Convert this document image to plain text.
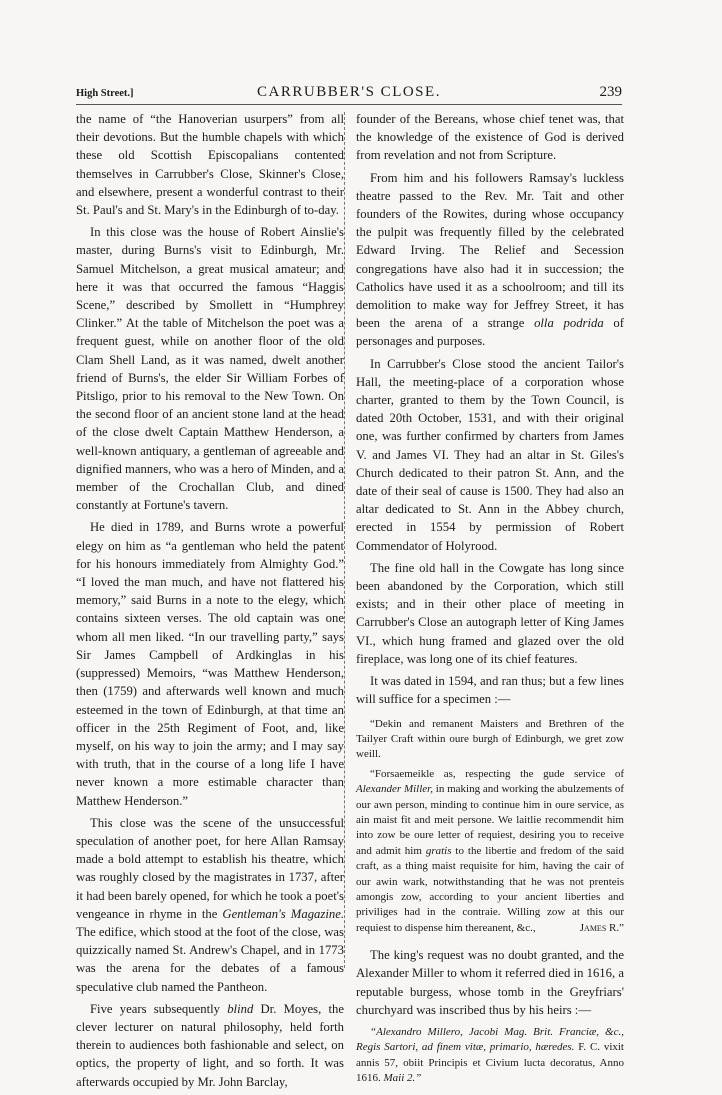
High Street.]	CARRUBBER'S CLOSE.	239

the name of “the Hanoverian usurpers” from all their devotions. But the humble chapels with which these old Scottish Episcopalians contented themselves in Carrubber's Close, Skinner's Close, and elsewhere, present a wonderful contrast to their St. Paul's and St. Mary's in the Edinburgh of to-day.

In this close was the house of Robert Ainslie's master, during Burns's visit to Edinburgh, Mr. Samuel Mitchelson, a great musical amateur; and here it was that occurred the famous “Haggis Scene,” described by Smollett in “Humphrey Clinker.” At the table of Mitchelson the poet was a frequent guest, while on another floor of the old Clam Shell Land, as it was named, dwelt another friend of Burns's, the elder Sir William Forbes of Pitsligo, prior to his removal to the New Town. On the second floor of an ancient stone land at the head of the close dwelt Captain Matthew Henderson, a well-known antiquary, a gentleman of agreeable and dignified manners, who was a hero of Minden, and a member of the Crochallan Club, and dined constantly at Fortune's tavern.

He died in 1789, and Burns wrote a powerful elegy on him as “a gentleman who held the patent for his honours immediately from Almighty God.” “I loved the man much, and have not flattered his memory,” said Burns in a note to the elegy, which contains sixteen verses. The old captain was one whom all men liked. “In our travelling party,” says Sir James Campbell of Ardkinglas in his (suppressed) Memoirs, “was Matthew Henderson, then (1759) and afterwards well known and much esteemed in the town of Edinburgh, at that time an officer in the 25th Regiment of Foot, and, like myself, on his way to join the army; and I may say with truth, that in the course of a long life I have never known a more estimable character than Matthew Henderson.”

This close was the scene of the unsuccessful speculation of another poet, for here Allan Ramsay made a bold attempt to establish his theatre, which was roughly closed by the magistrates in 1737, after it had been barely opened, for which he took a poet's vengeance in rhyme in the Gentleman's Magazine. The edifice, which stood at the foot of the close, was quizzically named St. Andrew's Chapel, and in 1773 was the arena for the debates of a famous speculative club named the Pantheon.

Five years subsequently blind Dr. Moyes, the clever lecturer on natural philosophy, held forth therein to audiences both fashionable and select, on optics, the property of light, and so forth. It was afterwards occupied by Mr. John Barclay,

founder of the Bereans, whose chief tenet was, that the knowledge of the existence of God is derived from revelation and not from Scripture.

From him and his followers Ramsay's luckless theatre passed to the Rev. Mr. Tait and other founders of the Rowites, during whose occupancy the pulpit was frequently filled by the celebrated Edward Irving. The Relief and Secession congregations have also had it in succession; the Catholics have used it as a schoolroom; and till its demolition to make way for Jeffrey Street, it has been the arena of a strange olla podrida of personages and purposes.

In Carrubber's Close stood the ancient Tailor's Hall, the meeting-place of a corporation whose charter, granted to them by the Town Council, is dated 20th October, 1531, and with their original one, was further confirmed by charters from James V. and James VI. They had an altar in St. Giles's Church dedicated to their patron St. Ann, and the date of their seal of cause is 1500. They had also an altar dedicated to St. Ann in the Abbey church, erected in 1554 by permission of Robert Commendator of Holyrood.

The fine old hall in the Cowgate has long since been abandoned by the Corporation, which still exists; and in their other place of meeting in Carrubber's Close an autograph letter of King James VI., which hung framed and glazed over the old fireplace, was long one of its chief features.

It was dated in 1594, and ran thus; but a few lines will suffice for a specimen :—

“Dekin and remanent Maisters and Brethren of the Tailyer Craft within oure burgh of Edinburgh, we gret zow weill.

“Forsaemeikle as, respecting the gude service of Alexander Miller, in making and working the abulzements of our awn person, minding to continue him in oure service, as ain maist fit and meit persone. We laitlie recommendit him into zow be oure letter of requiest, desiring you to receive and admit him gratis to the libertie and fredom of the said craft, as a thing maist requisite for him, having the cair of our awin wark, notwithstanding that he was not prenteis amongis zow, according to your ancient liberties and priviliges had in the contraie. Willing zow at this our requiest to dispense him thereanent, &c.,	James R.”

The king's request was no doubt granted, and the Alexander Miller to whom it referred died in 1616, a reputable burgess, whose tomb in the Greyfriars' churchyard was inscribed thus by his heirs :—

“Alexandro Millero, Jacobi Mag. Brit. Franciæ, &c., Regis Sartori, ad finem vitæ, primario, hæredes. F. C. vixit annis 57, obiit Principis et Civium lucta decoratus, Anno 1616. Maii 2.”
